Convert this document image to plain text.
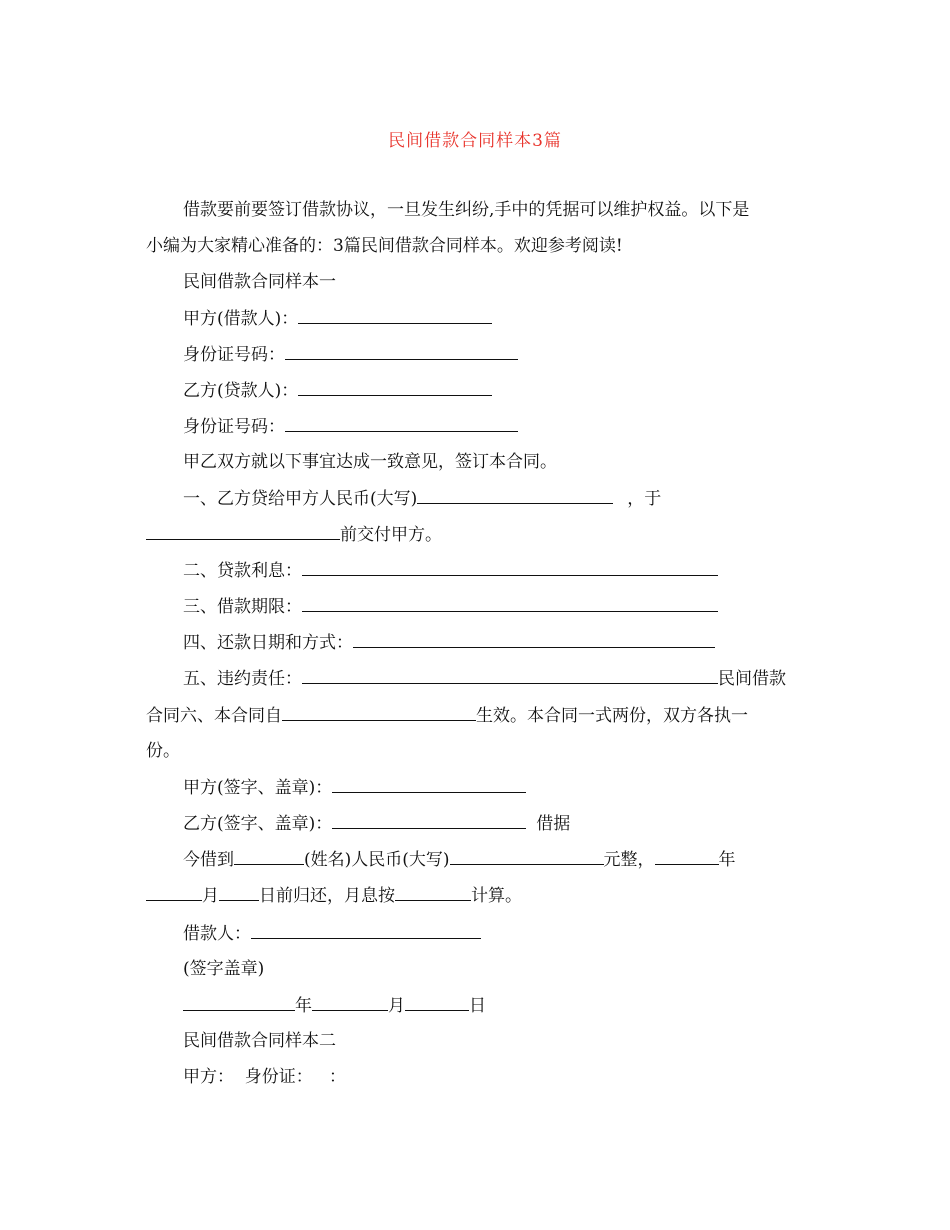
民间借款合同样本3篇
借款要前要签订借款协议，一旦发生纠纷,手中的凭据可以维护权益。以下是
小编为大家精心准备的：3篇民间借款合同样本。欢迎参考阅读!
民间借款合同样本一
甲方(借款人)：
身份证号码：
乙方(贷款人)：
身份证号码：
甲乙双方就以下事宜达成一致意见，签订本合同。
一、乙方贷给甲方人民币(大写)	，于
前交付甲方。
二、贷款利息：
三、借款期限：
四、还款日期和方式：
五、违约责任：	民间借款
合同六、本合同自	生效。本合同一式两份，双方各执一
份。
甲方(签字、盖章)：
乙方(签字、盖章)：	借据
今借到	(姓名)人民币(大写)	元整，	年
月 日前归还，月息按	计算。
借款人：
(签字盖章)
年	月	日
民间借款合同样本二
甲方：  身份证：   ：
